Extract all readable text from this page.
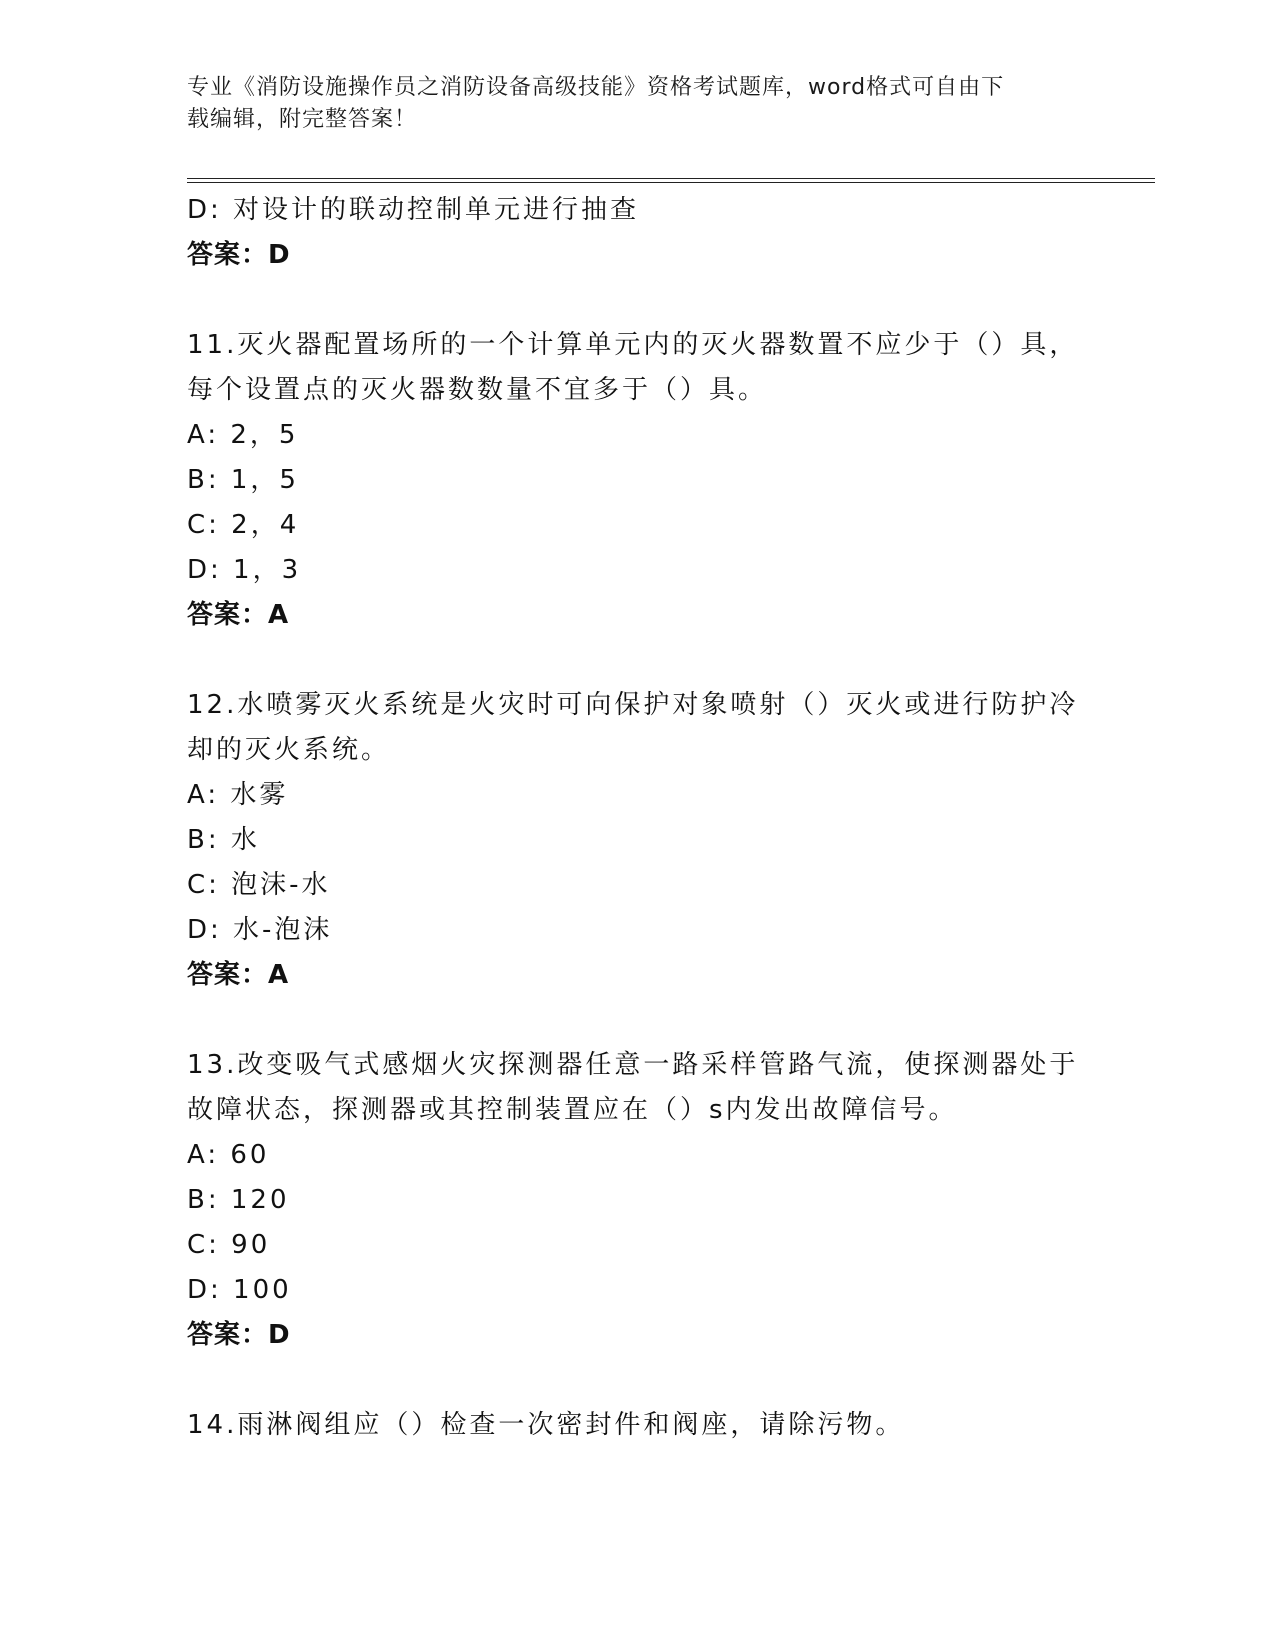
专业《消防设施操作员之消防设备高级技能》资格考试题库，word格式可自由下
载编辑，附完整答案！
D: 对设计的联动控制单元进行抽查
答案：D
11.灭火器配置场所的一个计算单元内的灭火器数置不应少于（）具，
每个设置点的灭火器数数量不宜多于（）具。
A: 2，5
B: 1，5
C: 2，4
D: 1，3
答案：A
12.水喷雾灭火系统是火灾时可向保护对象喷射（）灭火或进行防护冷
却的灭火系统。
A: 水雾
B: 水
C: 泡沫-水
D: 水-泡沫
答案：A
13.改变吸气式感烟火灾探测器任意一路采样管路气流，使探测器处于
故障状态，探测器或其控制装置应在（）s内发出故障信号。
A: 60
B: 120
C: 90
D: 100
答案：D
14.雨淋阀组应（）检查一次密封件和阀座，请除污物。
